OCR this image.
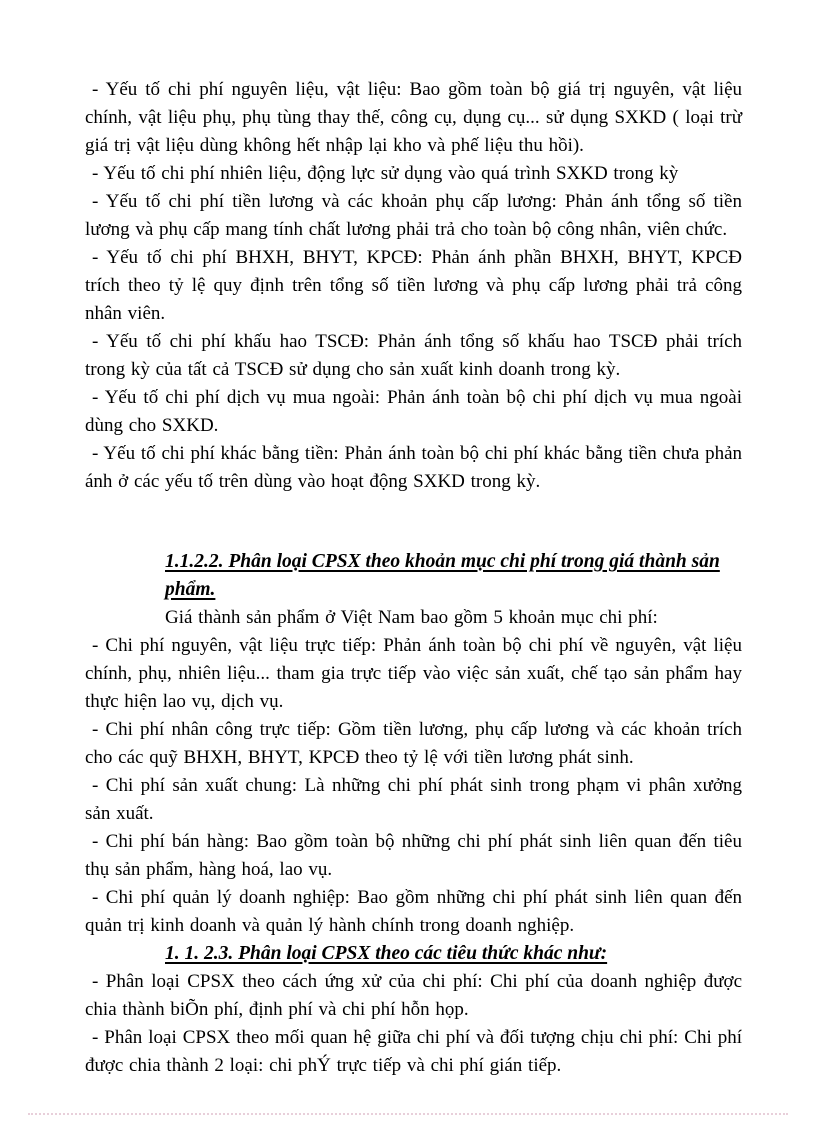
- Yếu tố chi phí nguyên liệu, vật liệu: Bao gồm toàn bộ giá trị nguyên, vật liệu chính, vật liệu phụ, phụ tùng thay thế, công cụ, dụng cụ... sử dụng SXKD ( loại trừ giá trị vật liệu dùng không hết nhập lại kho và phế liệu thu hồi).

- Yếu tố chi phí nhiên liệu, động lực sử dụng vào quá trình SXKD trong kỳ

- Yếu tố chi phí tiền lương và các khoản phụ cấp lương: Phản ánh tổng số tiền lương và phụ cấp mang tính chất lương phải trả cho toàn bộ công nhân, viên chức.

- Yếu tố chi phí BHXH, BHYT, KPCĐ: Phản ánh phần BHXH, BHYT, KPCĐ trích theo tỷ lệ quy định trên tổng số tiền lương và phụ cấp lương phải trả công nhân viên.

- Yếu tố chi phí khấu hao TSCĐ: Phản ánh tổng số khấu hao TSCĐ phải trích trong kỳ của tất cả TSCĐ sử dụng cho sản xuất kinh doanh trong kỳ.

- Yếu tố chi phí dịch vụ mua ngoài: Phản ánh toàn bộ chi phí dịch vụ mua ngoài dùng cho SXKD.

- Yếu tố chi phí khác bằng tiền: Phản ánh toàn bộ chi phí khác bằng tiền chưa phản ánh ở các yếu tố trên dùng vào hoạt động SXKD trong kỳ.

1.1.2.2. Phân loại CPSX theo khoản mục chi phí trong giá thành sản phẩm.

Giá thành sản phẩm ở Việt Nam bao gồm 5 khoản mục chi phí:

- Chi phí nguyên, vật liệu trực tiếp: Phản ánh toàn bộ chi phí về nguyên, vật liệu chính, phụ, nhiên liệu... tham gia trực tiếp vào việc sản xuất, chế tạo sản phẩm hay thực hiện lao vụ, dịch vụ.

- Chi phí nhân công trực tiếp: Gồm tiền lương, phụ cấp lương và các khoản trích cho các quỹ BHXH, BHYT, KPCĐ theo tỷ lệ với tiền lương phát sinh.

- Chi phí sản xuất chung: Là những chi phí phát sinh trong phạm vi phân xưởng sản xuất.

- Chi phí bán hàng: Bao gồm toàn bộ những chi phí phát sinh liên quan đến tiêu thụ sản phẩm, hàng hoá, lao vụ.

- Chi phí quản lý doanh nghiệp: Bao gồm những chi phí phát sinh liên quan đến quản trị kinh doanh và quản lý hành chính trong doanh nghiệp.

1. 1. 2.3. Phân loại CPSX theo các tiêu thức khác như:

- Phân loại CPSX theo cách ứng xử của chi phí: Chi phí của doanh nghiệp được chia thành biÕn phí, định phí và chi phí hỗn họp.

- Phân loại CPSX theo mối quan hệ giữa chi phí và đối tượng chịu chi phí: Chi phí được chia thành 2 loại: chi phÝ trực tiếp và chi phí gián tiếp.
